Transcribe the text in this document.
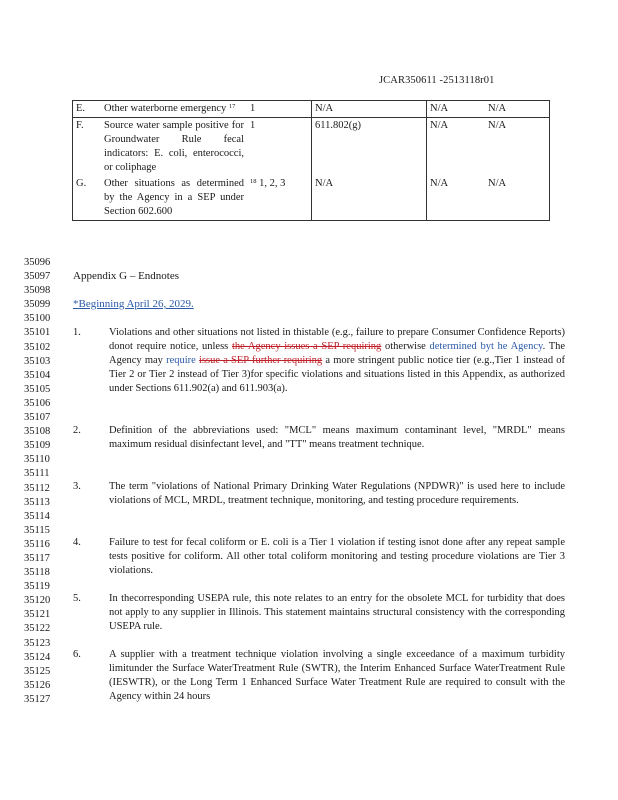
JCAR350611 -2513118r01
E.	Other waterborne emergency $^{17}$	1	N/A	N/A	N/A
F.	Source water sample positive for Groundwater Rule fecal indicators: E. coli, enterococci, or coliphage	1	611.802(g)	N/A	N/A
G.	Other situations as determined by the Agency in a SEP under Section 602.600	$^{18}$ 1, 2, 3	N/A	N/A	N/A
35096
35097
35098
35099
35100
35101
35102
35103
35104
35105
35106
35107
35108
35109
35110
35111
35112
35113
35114
35115
35116
35117
35118
35119
35120
35121
35122
35123
35124
35125
35126
35127
Appendix G – Endnotes
*Beginning April 26, 2029.
1.	Violations and other situations not listed in thistable (e.g., failure to prepare Consumer Confidence Reports) donot require notice, unless the Agency issues a SEP requiring otherwise determined byt he Agency. The Agency may require issue a SEP further requiring a more stringent public notice tier (e.g.,Tier 1 instead of Tier 2 or Tier 2 instead of Tier 3)for specific violations and situations listed in this Appendix, as authorized under Sections 611.902(a) and 611.903(a).
2.	Definition of the abbreviations used: "MCL" means maximum contaminant level, "MRDL" means maximum residual disinfectant level, and "TT" means treatment technique.
3.	The term "violations of National Primary Drinking Water Regulations (NPDWR)" is used here to include violations of MCL, MRDL, treatment technique, monitoring, and testing procedure requirements.
4.	Failure to test for fecal coliform or E. coli is a Tier 1 violation if testing isnot done after any repeat sample tests positive for coliform. All other total coliform monitoring and testing procedure violations are Tier 3 violations.
5.	In thecorresponding USEPA rule, this note relates to an entry for the obsolete MCL for turbidity that does not apply to any supplier in Illinois. This statement maintains structural consistency with the corresponding USEPA rule.
6.	A supplier with a treatment technique violation involving a single exceedance of a maximum turbidity limitunder the Surface WaterTreatment Rule (SWTR), the Interim Enhanced Surface WaterTreatment Rule (IESWTR), or the Long Term 1 Enhanced Surface Water Treatment Rule are required to consult with the Agency within 24 hours
